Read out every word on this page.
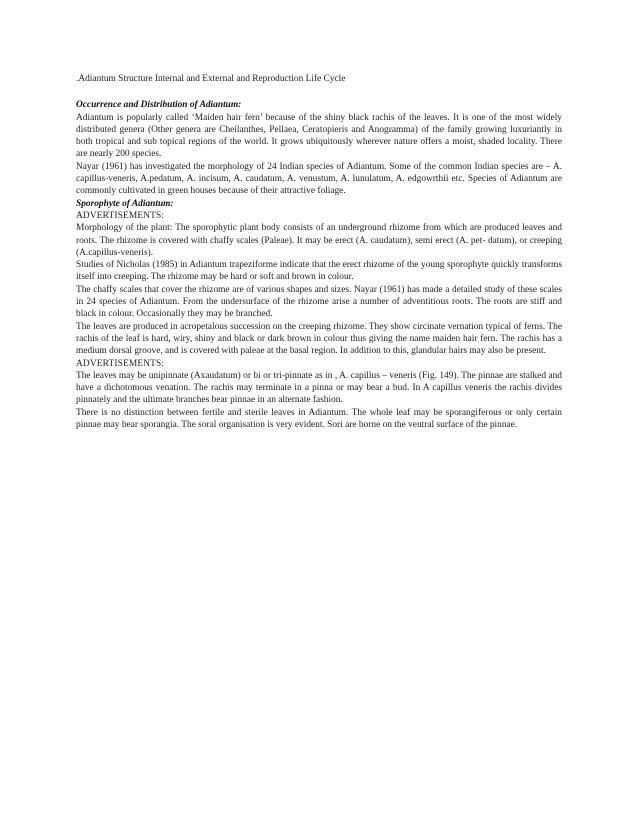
.Adiantum Structure Internal and External and Reproduction Life Cycle

Occurrence and Distribution of Adiantum:

Adiantum is popularly called ‘Maiden hair fern’ because of the shiny black rachis of the leaves. It is one of the most widely distributed genera (Other genera are Cheilanthes, Pellaea, Ceratopieris and Anogramma) of the family growing luxuriantly in both tropical and sub topical regions of the world. It grows ubiquitously wherever nature offers a moist, shaded locality. There are nearly 200 species.

Nayar (1961) has investigated the morphology of 24 Indian species of Adiantum. Some of the common Indian species are – A. capillus-veneris, A.pedatum, A. incisum, A. caudatum, A. venustum, A. lunulatum, A. edgowrthii etc. Species of Adiantum are commonly cultivated in green houses because of their attractive foliage.

Sporophyte of Adiantum:

ADVERTISEMENTS:

Morphology of the plant: The sporophytic plant body consists of an underground rhizome from which are produced leaves and roots. The rhizome is covered with chaffy scales (Paleae). It may be erect (A. caudatum), semi erect (A. pet- datum), or creeping (A.capillus-veneris).

Studies of Nicholas (1985) in Adiantum trapeziforme indicate that the erect rhizome of the young sporophyte quickly transforms itself into creeping. The rhizome may be hard or soft and brown in colour.

The chaffy scales that cover the rhizome are of various shapes and sizes. Nayar (1961) has made a detailed study of these scales in 24 species of Adiantum. From the undersurface of the rhizome arise a number of adventitious roots. The roots are stiff and black in colour. Occasionally they may be branched.

The leaves are produced in acropetalous succession on the creeping rhizome. They show circinate vernation typical of ferns. The rachis of the leaf is hard, wiry, shiny and black or dark brown in colour thus giving the name maiden hair fern. The rachis has a medium dorsal groove, and is covered with paleae at the basal region. In addition to this, glandular hairs may also be present.

ADVERTISEMENTS:

The leaves may be unipinnate (Axaudatum) or bi or tri-pinnate as in , A. capillus – veneris (Fig. 149). The pinnae are stalked and have a dichotomous venation. The rachis may terminate in a pinna or may bear a bud. In A capillus veneris the rachis divides pinnately and the ultimate branches bear pinnae in an alternate fashion.

There is no distinction between fertile and sterile leaves in Adiantum. The whole leaf may be sporangiferous or only certain pinnae may bear sporangia. The soral organisation is very evident. Sori are borne on the ventral surface of the pinnae.
